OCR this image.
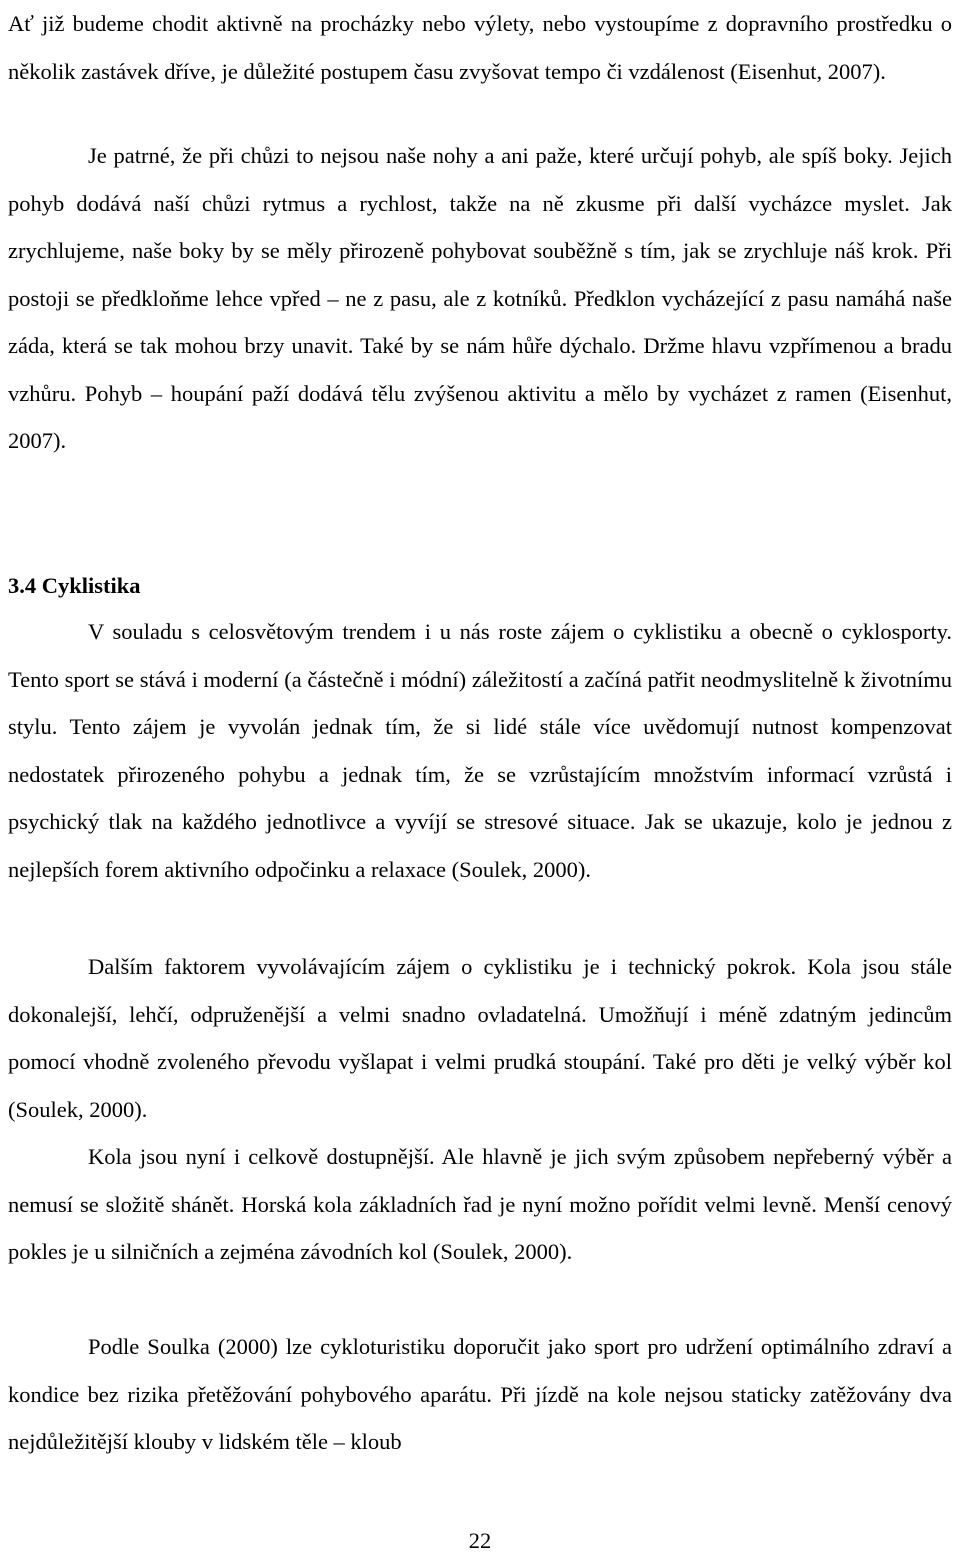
Ať již budeme chodit aktivně na procházky nebo výlety, nebo vystoupíme z dopravního prostředku o několik zastávek dříve, je důležité postupem času zvyšovat tempo či vzdálenost (Eisenhut, 2007).

Je patrné, že při chůzi to nejsou naše nohy a ani paže, které určují pohyb, ale spíš boky. Jejich pohyb dodává naší chůzi rytmus a rychlost, takže na ně zkusme při další vycházce myslet. Jak zrychlujeme, naše boky by se měly přirozeně pohybovat souběžně s tím, jak se zrychluje náš krok. Při postoji se předkloňme lehce vpřed – ne z pasu, ale z kotníků. Předklon vycházející z pasu namáhá naše záda, která se tak mohou brzy unavit. Také by se nám hůře dýchalo. Držme hlavu vzpřímenou a bradu vzhůru. Pohyb – houpání paží dodává tělu zvýšenou aktivitu a mělo by vycházet z ramen (Eisenhut, 2007).

3.4 Cyklistika

V souladu s celosvětovým trendem i u nás roste zájem o cyklistiku a obecně o cyklosporty. Tento sport se stává i moderní (a částečně i módní) záležitostí a začíná patřit neodmyslitelně k životnímu stylu. Tento zájem je vyvolán jednak tím, že si lidé stále více uvědomují nutnost kompenzovat nedostatek přirozeného pohybu a jednak tím, že se vzrůstajícím množstvím informací vzrůstá i psychický tlak na každého jednotlivce a vyvíjí se stresové situace. Jak se ukazuje, kolo je jednou z nejlepších forem aktivního odpočinku a relaxace (Soulek, 2000).

Dalším faktorem vyvolávajícím zájem o cyklistiku je i technický pokrok. Kola jsou stále dokonalejší, lehčí, odpruženější a velmi snadno ovladatelná. Umožňují i méně zdatným jedincům pomocí vhodně zvoleného převodu vyšlapat i velmi prudká stoupání. Také pro děti je velký výběr kol (Soulek, 2000).

Kola jsou nyní i celkově dostupnější. Ale hlavně je jich svým způsobem nepřeberný výběr a nemusí se složitě shánět. Horská kola základních řad je nyní možno pořídit velmi levně. Menší cenový pokles je u silničních a zejména závodních kol (Soulek, 2000).

Podle Soulka (2000) lze cykloturistiku doporučit jako sport pro udržení optimálního zdraví a kondice bez rizika přetěžování pohybového aparátu. Při jízdě na kole nejsou staticky zatěžovány dva nejdůležitější klouby v lidském těle – kloub

22
